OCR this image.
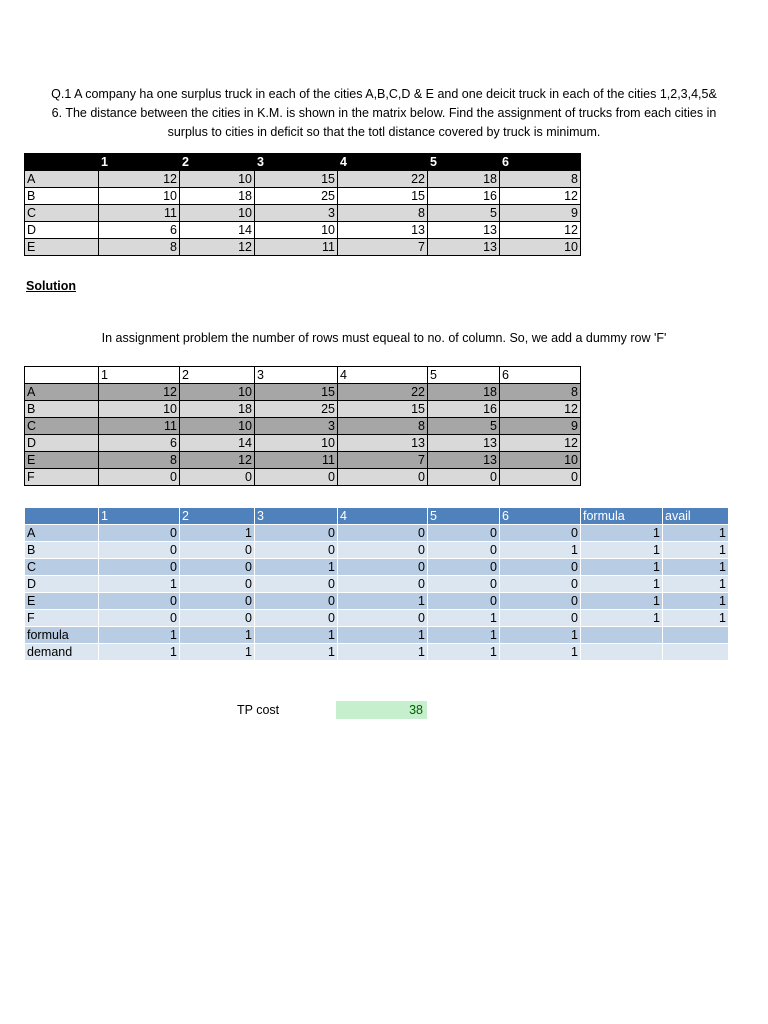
Q.1 A company ha one surplus truck in each of the cities A,B,C,D & E and one deicit truck in each of the cities 1,2,3,4,5&
6. The distance between the cities in K.M. is shown in the matrix below. Find the assignment of trucks from each cities in
surplus to cities in deficit so that the totl distance covered by truck is minimum.
	1	2	3	4	5	6
A	12	10	15	22	18	8
B	10	18	25	15	16	12
C	11	10	3	8	5	9
D	6	14	10	13	13	12
E	8	12	11	7	13	10
Solution
In assignment problem the number of rows must equeal to no. of column. So, we add a dummy row 'F'
	1	2	3	4	5	6
A	12	10	15	22	18	8
B	10	18	25	15	16	12
C	11	10	3	8	5	9
D	6	14	10	13	13	12
E	8	12	11	7	13	10
F	0	0	0	0	0	0
	1	2	3	4	5	6	formula	avail
A	0	1	0	0	0	0	1	1
B	0	0	0	0	0	1	1	1
C	0	0	1	0	0	0	1	1
D	1	0	0	0	0	0	1	1
E	0	0	0	1	0	0	1	1
F	0	0	0	0	1	0	1	1
formula	1	1	1	1	1	1		
demand	1	1	1	1	1	1		
TP cost	38
